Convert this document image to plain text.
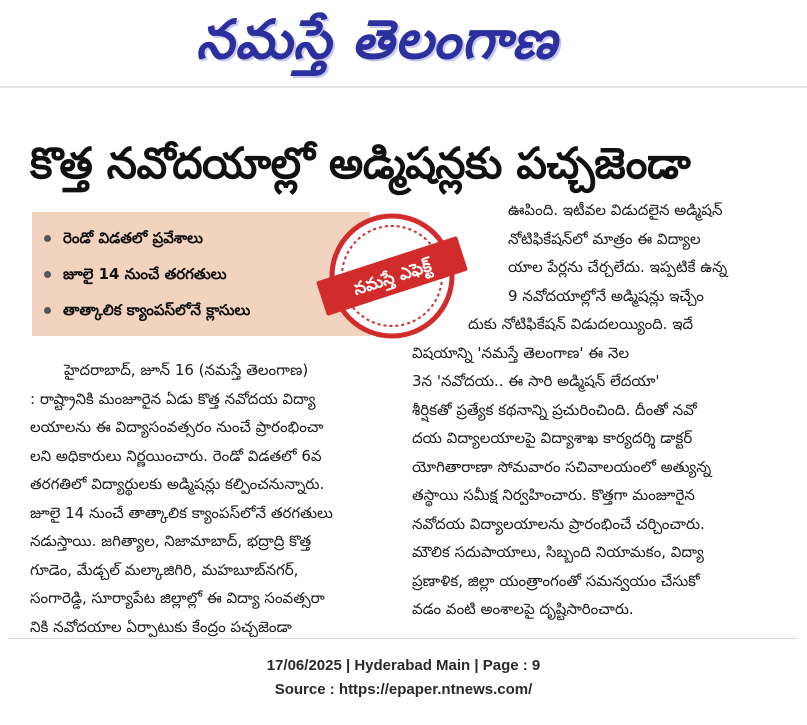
నమస్తే తెలంగాణ
కొత్త నవోదయాల్లో అడ్మిషన్లకు పచ్చజెండా
రెండో విడతలో ప్రవేశాలు
జూలై 14 నుంచే తరగతులు
తాత్కాలిక క్యాంపస్‌లోనే క్లాసులు
నమస్తే ఎఫెక్ట్
హైదరాబాద్, జూన్ 16 (నమస్తే తెలంగాణ)
: రాష్ట్రానికి మంజూరైన ఏడు కొత్త నవోదయ విద్యా
లయాలను ఈ విద్యాసంవత్సరం నుంచే ప్రారంభించా
లని అధికారులు నిర్ణయించారు. రెండో విడతలో 6వ
తరగతిలో విద్యార్థులకు అడ్మిషన్లు కల్పించనున్నారు.
జూలై 14 నుంచే తాత్కాలిక క్యాంపస్‌లోనే తరగతులు
నడుస్తాయి. జగిత్యాల, నిజామాబాద్, భద్రాద్రి కొత్త
గూడెం, మేడ్చల్ మల్కాజిగిరి, మహబూబ్‌నగర్,
సంగారెడ్డి, సూర్యాపేట జిల్లాల్లో ఈ విద్యా సంవత్సరా
నికి నవోదయాల ఏర్పాటుకు కేంద్రం పచ్చజెండా
ఊపింది. ఇటీవల విడుదలైన అడ్మిషన్
నోటిఫికేషన్‌లో మాత్రం ఈ విద్యాల
యాల పేర్లను చేర్చలేదు. ఇప్పటికే ఉన్న
9 నవోదయాల్లోనే అడ్మిషన్లు ఇచ్చేం
దుకు నోటిఫికేషన్ విడుదలయ్యింది. ఇదే
విషయాన్ని 'నమస్తే తెలంగాణ' ఈ నెల
3న 'నవోదయ.. ఈ సారి అడ్మిషన్ లేదయా'
శీర్షికతో ప్రత్యేక కథనాన్ని ప్రచురించింది. దీంతో నవో
దయ విద్యాలయాలపై విద్యాశాఖ కార్యదర్శి డాక్టర్
యోగితారాణా సోమవారం సచివాలయంలో అత్యున్న
తస్థాయి సమీక్ష నిర్వహించారు. కొత్తగా మంజూరైన
నవోదయ విద్యాలయాలను ప్రారంభించే చర్చించారు.
మౌలిక సదుపాయాలు, సిబ్బంది నియామకం, విద్యా
ప్రణాళిక, జిల్లా యంత్రాంగంతో సమన్వయం చేసుకో
వడం వంటి అంశాలపై దృష్టిసారించారు.
17/06/2025 | Hyderabad Main | Page : 9
Source : https://epaper.ntnews.com/
